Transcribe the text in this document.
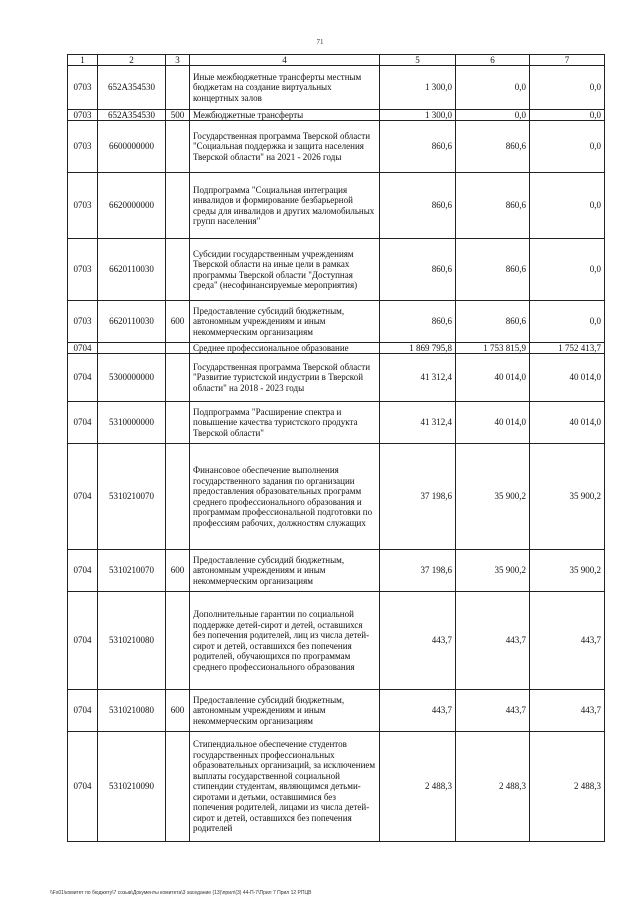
71
1	2	3	4	5	6	7
0703	652А354530		Иные межбюджетные трансферты местным бюджетам на создание виртуальных концертных залов	1 300,0	0,0	0,0
0703	652А354530	500	Межбюджетные трансферты	1 300,0	0,0	0,0
0703	6600000000		Государственная программа Тверской области "Социальная поддержка и защита населения Тверской области" на 2021 - 2026 годы	860,6	860,6	0,0
0703	6620000000		Подпрограмма "Социальная интеграция инвалидов и формирование безбарьерной среды для инвалидов и других маломобильных групп населения"	860,6	860,6	0,0
0703	6620110030		Субсидии государственным учреждениям Тверской области на иные цели в рамках программы Тверской области "Доступная среда" (несофинансируемые мероприятия)	860,6	860,6	0,0
0703	6620110030	600	Предоставление субсидий бюджетным, автономным учреждениям и иным некоммерческим организациям	860,6	860,6	0,0
0704			Среднее профессиональное образование	1 869 795,8	1 753 815,9	1 752 413,7
0704	5300000000		Государственная программа Тверской области "Развитие туристской индустрии в Тверской области" на 2018 - 2023 годы	41 312,4	40 014,0	40 014,0
0704	5310000000		Подпрограмма "Расширение спектра и повышение качества туристского продукта Тверской области"	41 312,4	40 014,0	40 014,0
0704	5310210070		Финансовое обеспечение выполнения государственного задания по организации предоставления образовательных программ среднего профессионального образования и программам профессиональной подготовки по профессиям рабочих, должностям служащих	37 198,6	35 900,2	35 900,2
0704	5310210070	600	Предоставление субсидий бюджетным, автономным учреждениям и иным некоммерческим организациям	37 198,6	35 900,2	35 900,2
0704	5310210080		Дополнительные гарантии по социальной поддержке детей-сирот и детей, оставшихся без попечения родителей, лиц из числа детей-сирот и детей, оставшихся без попечения родителей, обучающихся по программам среднего профессионального образования	443,7	443,7	443,7
0704	5310210080	600	Предоставление субсидий бюджетным, автономным учреждениям и иным некоммерческим организациям	443,7	443,7	443,7
0704	5310210090		Стипендиальное обеспечение студентов государственных профессиональных образовательных организаций, за исключением выплаты государственной социальной стипендии студентам, являющимся детьми-сиротами и детьми, оставшимися без попечения родителей, лицами из числа детей-сирот и детей, оставшихся без попечения родителей	2 488,3	2 488,3	2 488,3
\\Fs01\комитет по бюджету\7 созыв\Документы комитета\3 заседание (13)\прил\(3) 44-П-7\Прил 7 Прил 12 РПЦВ
